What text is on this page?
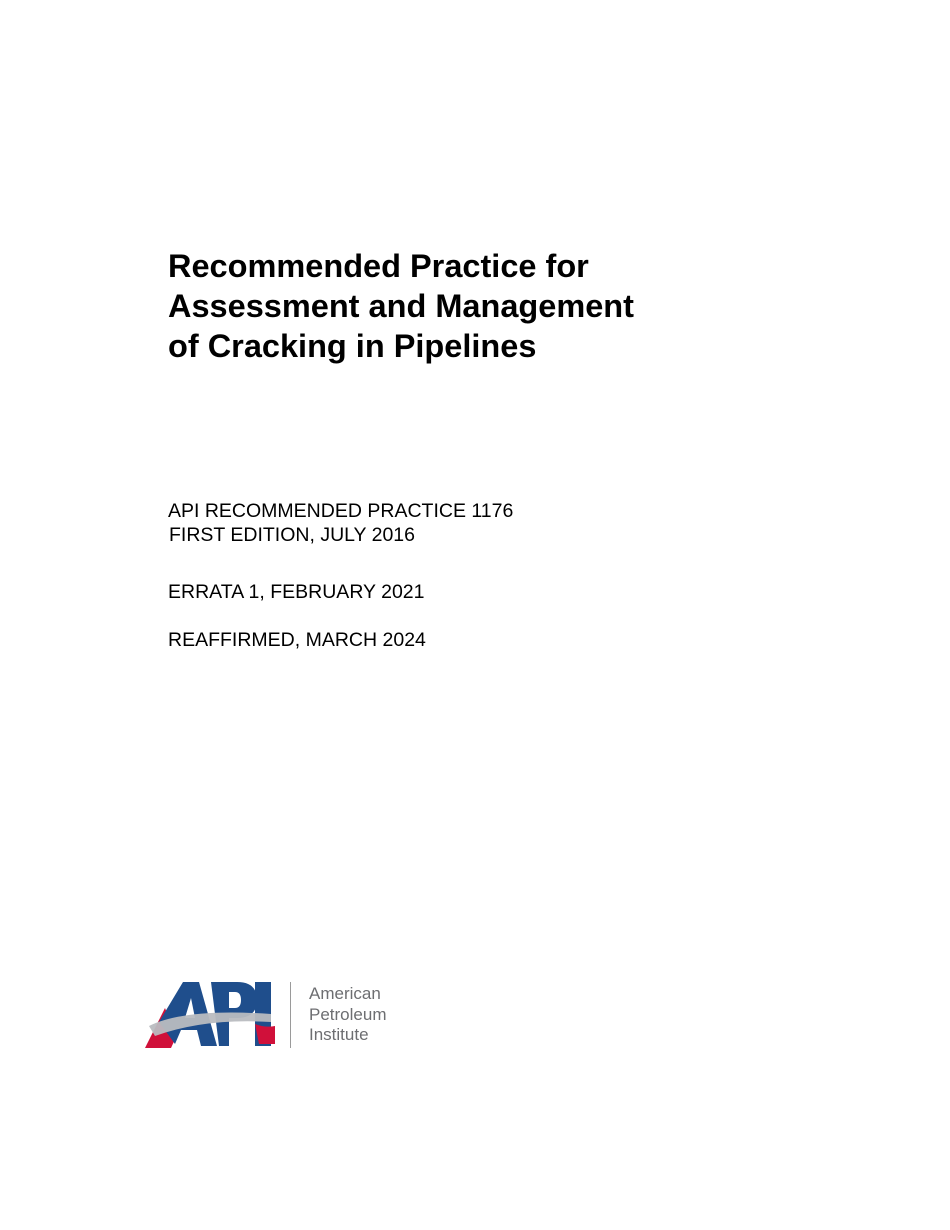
Recommended Practice for
Assessment and Management
of Cracking in Pipelines
API RECOMMENDED PRACTICE 1176
FIRST EDITION, JULY 2016
ERRATA 1, FEBRUARY 2021
REAFFIRMED, MARCH 2024
American
Petroleum
Institute
